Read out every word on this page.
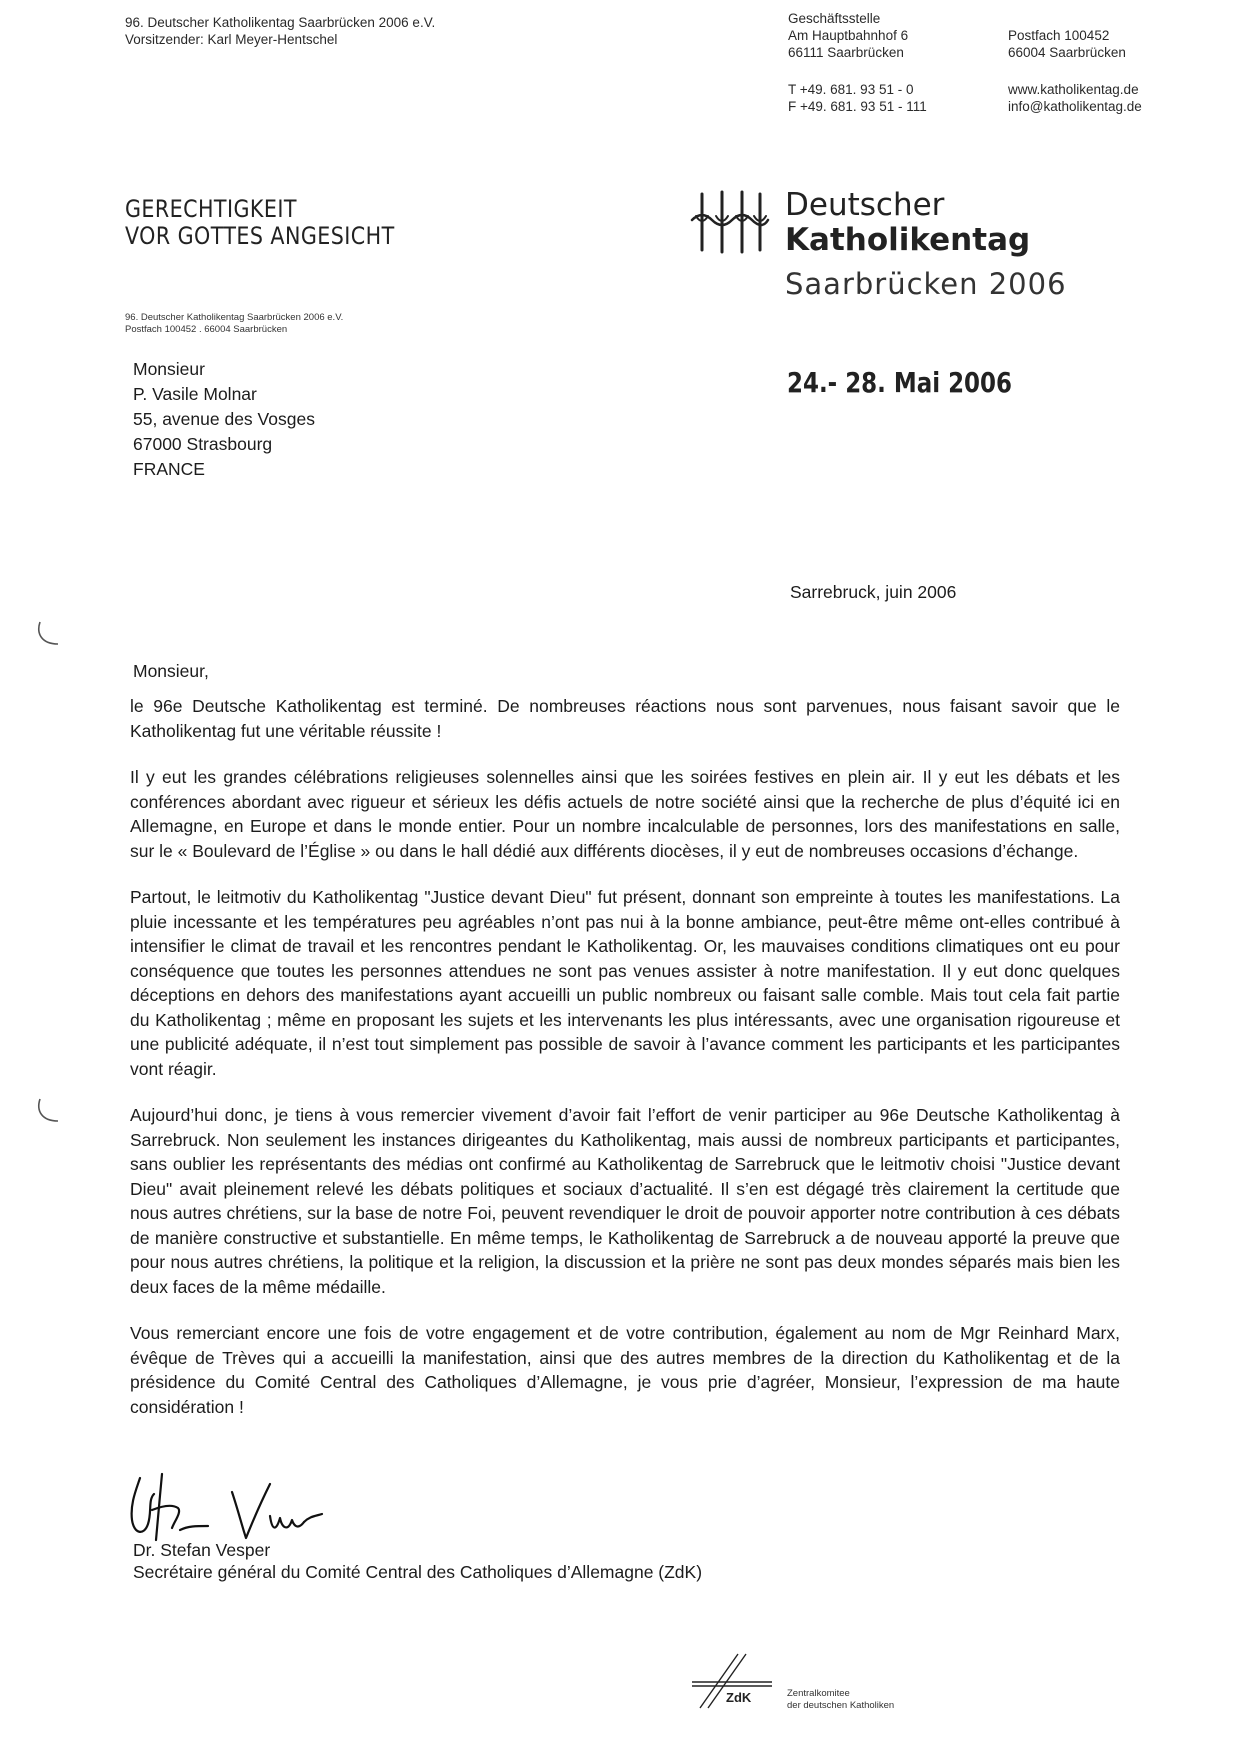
96. Deutscher Katholikentag Saarbrücken 2006 e.V.
Vorsitzender: Karl Meyer-Hentschel
Geschäftsstelle
Am Hauptbahnhof 6
66111 Saarbrücken
T +49. 681. 93 51 - 0
F +49. 681. 93 51 - 111
Postfach 100452
66004 Saarbrücken
www.katholikentag.de
info@katholikentag.de
GERECHTIGKEIT
VOR GOTTES ANGESICHT
Deutscher
Katholikentag
Saarbrücken 2006
96. Deutscher Katholikentag Saarbrücken 2006 e.V.
Postfach 100452 . 66004 Saarbrücken
Monsieur
P. Vasile Molnar
55, avenue des Vosges
67000 Strasbourg
FRANCE
24.- 28. Mai 2006
Sarrebruck, juin 2006
Monsieur,

le 96e Deutsche Katholikentag est terminé. De nombreuses réactions nous sont parvenues, nous faisant savoir que le Katholikentag fut une véritable réussite !

Il y eut les grandes célébrations religieuses solennelles ainsi que les soirées festives en plein air. Il y eut les débats et les conférences abordant avec rigueur et sérieux les défis actuels de notre société ainsi que la recherche de plus d’équité ici en Allemagne, en Europe et dans le monde entier. Pour un nombre incalculable de personnes, lors des manifestations en salle, sur le « Boulevard de l’Église » ou dans le hall dédié aux différents diocèses, il y eut de nombreuses occasions d’échange.

Partout, le leitmotiv du Katholikentag "Justice devant Dieu" fut présent, donnant son empreinte à toutes les manifestations. La pluie incessante et les températures peu agréables n’ont pas nui à la bonne ambiance, peut-être même ont-elles contribué à intensifier le climat de travail et les rencontres pendant le Katholikentag. Or, les mauvaises conditions climatiques ont eu pour conséquence que toutes les personnes attendues ne sont pas venues assister à notre manifestation. Il y eut donc quelques déceptions en dehors des manifestations ayant accueilli un public nombreux ou faisant salle comble. Mais tout cela fait partie du Katholikentag ; même en proposant les sujets et les intervenants les plus intéressants, avec une organisation rigoureuse et une publicité adéquate, il n’est tout simplement pas possible de savoir à l’avance comment les participants et les participantes vont réagir.

Aujourd’hui donc, je tiens à vous remercier vivement d’avoir fait l’effort de venir participer au 96e Deutsche Katholikentag à Sarrebruck. Non seulement les instances dirigeantes du Katholikentag, mais aussi de nombreux participants et participantes, sans oublier les représentants des médias ont confirmé au Katholikentag de Sarrebruck que le leitmotiv choisi "Justice devant Dieu" avait pleinement relevé les débats politiques et sociaux d’actualité. Il s’en est dégagé très clairement la certitude que nous autres chrétiens, sur la base de notre Foi, peuvent revendiquer le droit de pouvoir apporter notre contribution à ces débats de manière constructive et substantielle. En même temps, le Katholikentag de Sarrebruck a de nouveau apporté la preuve que pour nous autres chrétiens, la politique et la religion, la discussion et la prière ne sont pas deux mondes séparés mais bien les deux faces de la même médaille.

Vous remerciant encore une fois de votre engagement et de votre contribution, également au nom de Mgr Reinhard Marx, évêque de Trèves qui a accueilli la manifestation, ainsi que des autres membres de la direction du Katholikentag et de la présidence du Comité Central des Catholiques d’Allemagne, je vous prie d’agréer, Monsieur, l’expression de ma haute considération !

Dr. Stefan Vesper
Secrétaire général du Comité Central des Catholiques d’Allemagne (ZdK)
ZdK	Zentralkomitee
der deutschen Katholiken
